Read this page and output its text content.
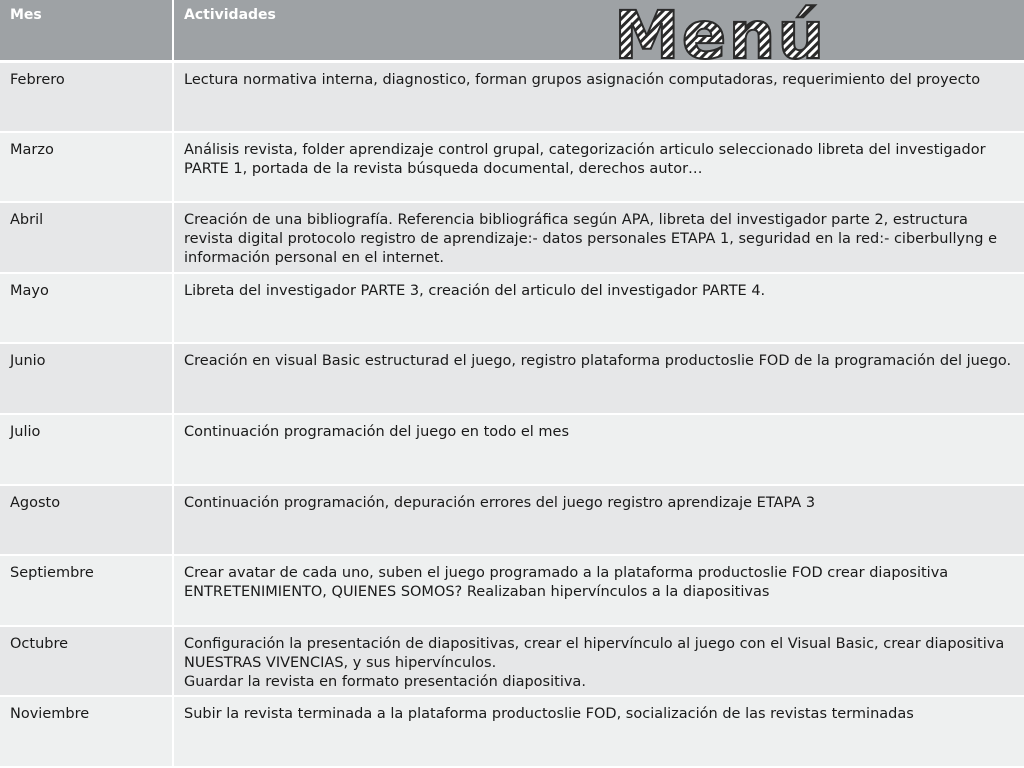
Mes	Actividades
Febrero	Lectura normativa interna, diagnostico, forman grupos asignación computadoras, requerimiento del proyecto
Marzo	Análisis revista, folder aprendizaje control grupal, categorización articulo seleccionado libreta del investigador PARTE 1, portada de la revista búsqueda documental, derechos autor…
Abril	Creación de una bibliografía. Referencia bibliográfica según APA, libreta del investigador parte 2, estructura revista digital protocolo registro de aprendizaje:- datos personales ETAPA 1, seguridad en la red:- ciberbullyng e información personal en el internet.
Mayo	Libreta del investigador PARTE 3, creación del articulo del investigador PARTE 4.
Junio	Creación en visual Basic estructurad el juego, registro plataforma productoslie FOD de la programación del juego.
Julio	Continuación programación del juego en todo el mes
Agosto	Continuación programación, depuración errores del juego registro aprendizaje ETAPA 3
Septiembre	Crear avatar de cada uno, suben el juego programado a la plataforma productoslie FOD crear diapositiva ENTRETENIMIENTO, QUIENES SOMOS? Realizaban hipervínculos a la diapositivas
Octubre	Configuración la presentación de diapositivas, crear el hipervínculo al juego con el Visual Basic, crear diapositiva NUESTRAS VIVENCIAS, y sus hipervínculos.
Guardar la revista en formato presentación diapositiva.
Noviembre	Subir la revista terminada a la plataforma productoslie FOD, socialización de las revistas terminadas
Menú
